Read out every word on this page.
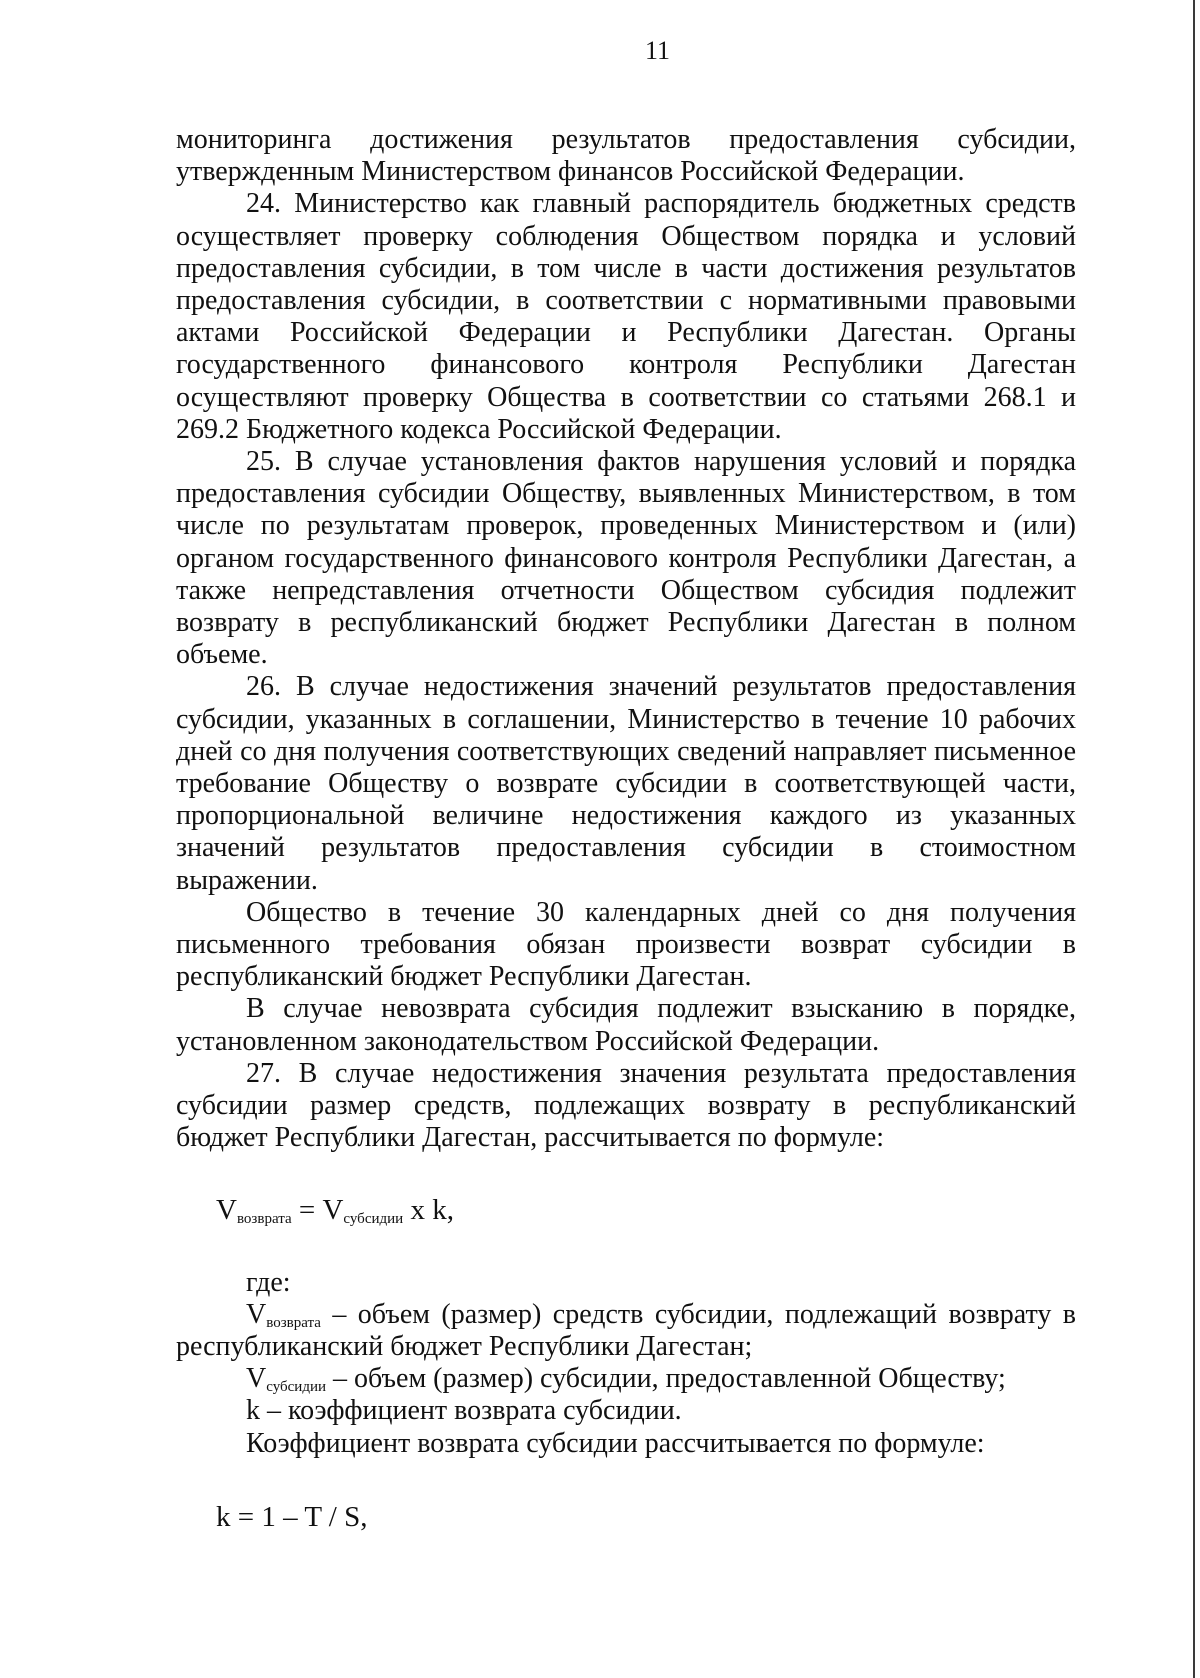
11

мониторинга достижения результатов предоставления субсидии, утвержденным Министерством финансов Российской Федерации.

24. Министерство как главный распорядитель бюджетных средств осуществляет проверку соблюдения Обществом порядка и условий предоставления субсидии, в том числе в части достижения результатов предоставления субсидии, в соответствии с нормативными правовыми актами Российской Федерации и Республики Дагестан. Органы государственного финансового контроля Республики Дагестан осуществляют проверку Общества в соответствии со статьями 268.1 и 269.2 Бюджетного кодекса Российской Федерации.

25. В случае установления фактов нарушения условий и порядка предоставления субсидии Обществу, выявленных Министерством, в том числе по результатам проверок, проведенных Министерством и (или) органом государственного финансового контроля Республики Дагестан, а также непредставления отчетности Обществом субсидия подлежит возврату в республиканский бюджет Республики Дагестан в полном объеме.

26. В случае недостижения значений результатов предоставления субсидии, указанных в соглашении, Министерство в течение 10 рабочих дней со дня получения соответствующих сведений направляет письменное требование Обществу о возврате субсидии в соответствующей части, пропорциональной величине недостижения каждого из указанных значений результатов предоставления субсидии в стоимостном выражении.

Общество в течение 30 календарных дней со дня получения письменного требования обязан произвести возврат субсидии в республиканский бюджет Республики Дагестан.

В случае невозврата субсидия подлежит взысканию в порядке, установленном законодательством Российской Федерации.

27. В случае недостижения значения результата предоставления субсидии размер средств, подлежащих возврату в республиканский бюджет Республики Дагестан, рассчитывается по формуле:

$V_{возврата} = V_{субсидии}$ x k,

где:

$V_{возврата}$ – объем (размер) средств субсидии, подлежащий возврату в республиканский бюджет Республики Дагестан;

$V_{субсидии}$ – объем (размер) субсидии, предоставленной Обществу;

k – коэффициент возврата субсидии.

Коэффициент возврата субсидии рассчитывается по формуле:

k = 1 – T / S,
